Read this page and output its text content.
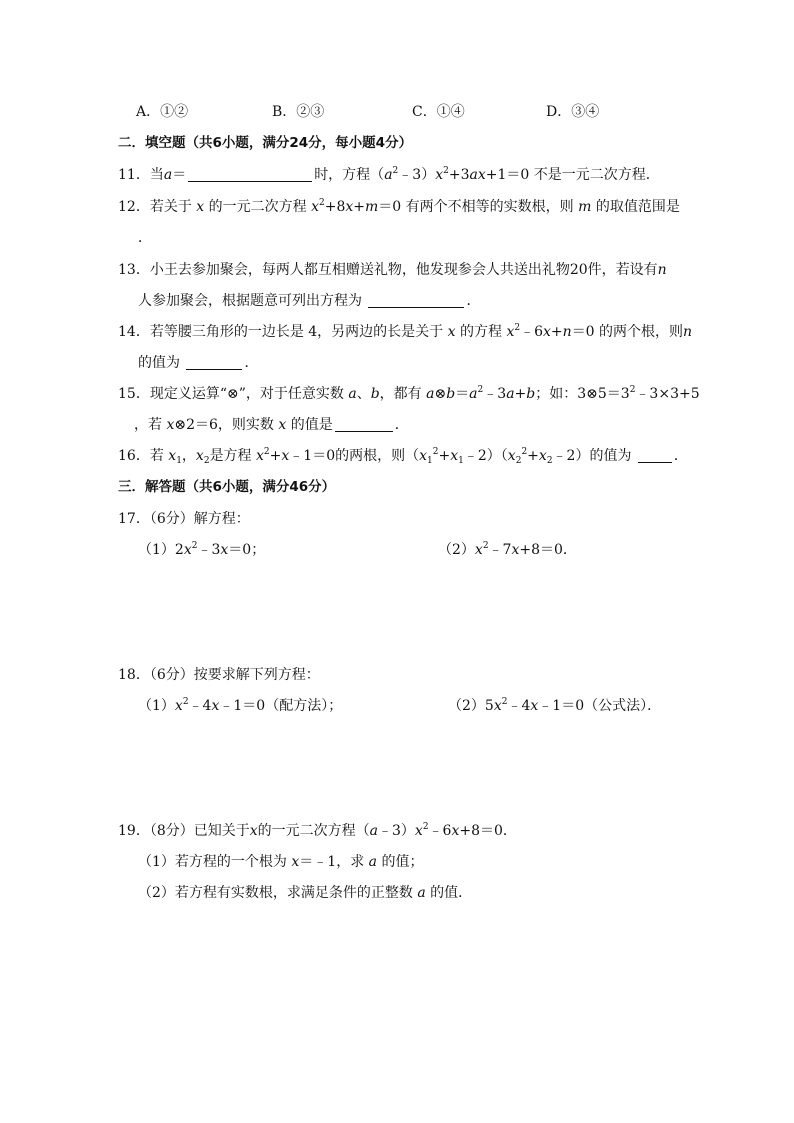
A．①②	B．②③	C．①④	D．③④
二．填空题（共6小题，满分24分，每小题4分）
11．当a＝	时，方程$(a^2﹣3)x^2+3ax+1=0$ 不是一元二次方程．
12．若关于 x 的一元二次方程 $x^2+8x+m=0$ 有两个不相等的实数根，则 m 的取值范围是
．
13．小王去参加聚会，每两人都互相赠送礼物，他发现参会人共送出礼物20件，若设有n
人参加聚会，根据题意可列出方程为	．
14．若等腰三角形的一边长是 4，另两边的长是关于 x 的方程 $x^2﹣6x+n=0$ 的两个根，则n
的值为	．
15．现定义运算“⊗”，对于任意实数 a、b，都有 $a\otimes b=a^2﹣3a+b$；如：$3\otimes 5=3^2﹣3\times 3+5$
，若 x⊗2＝6，则实数 x 的值是	．
16．若 $x_1$，$x_2$是方程 $x^2+x﹣1=0$的两根，则$(x_1^2+x_1﹣2)(x_2^2+x_2﹣2)$的值为	．
三．解答题（共6小题，满分46分）
17．（6分）解方程：
$(1)2x^2﹣3x=0$；	$(2)x^2﹣7x+8=0$．
18．（6分）按要求解下列方程：
$(1)x^2﹣4x﹣1=0$（配方法）；	$(2)5x^2﹣4x﹣1=0$（公式法）．
19．（8分）已知关于x的一元二次方程$(a﹣3)x^2﹣6x+8=0$．
（1）若方程的一个根为 x＝﹣1，求 a 的值；
（2）若方程有实数根，求满足条件的正整数 a 的值．
